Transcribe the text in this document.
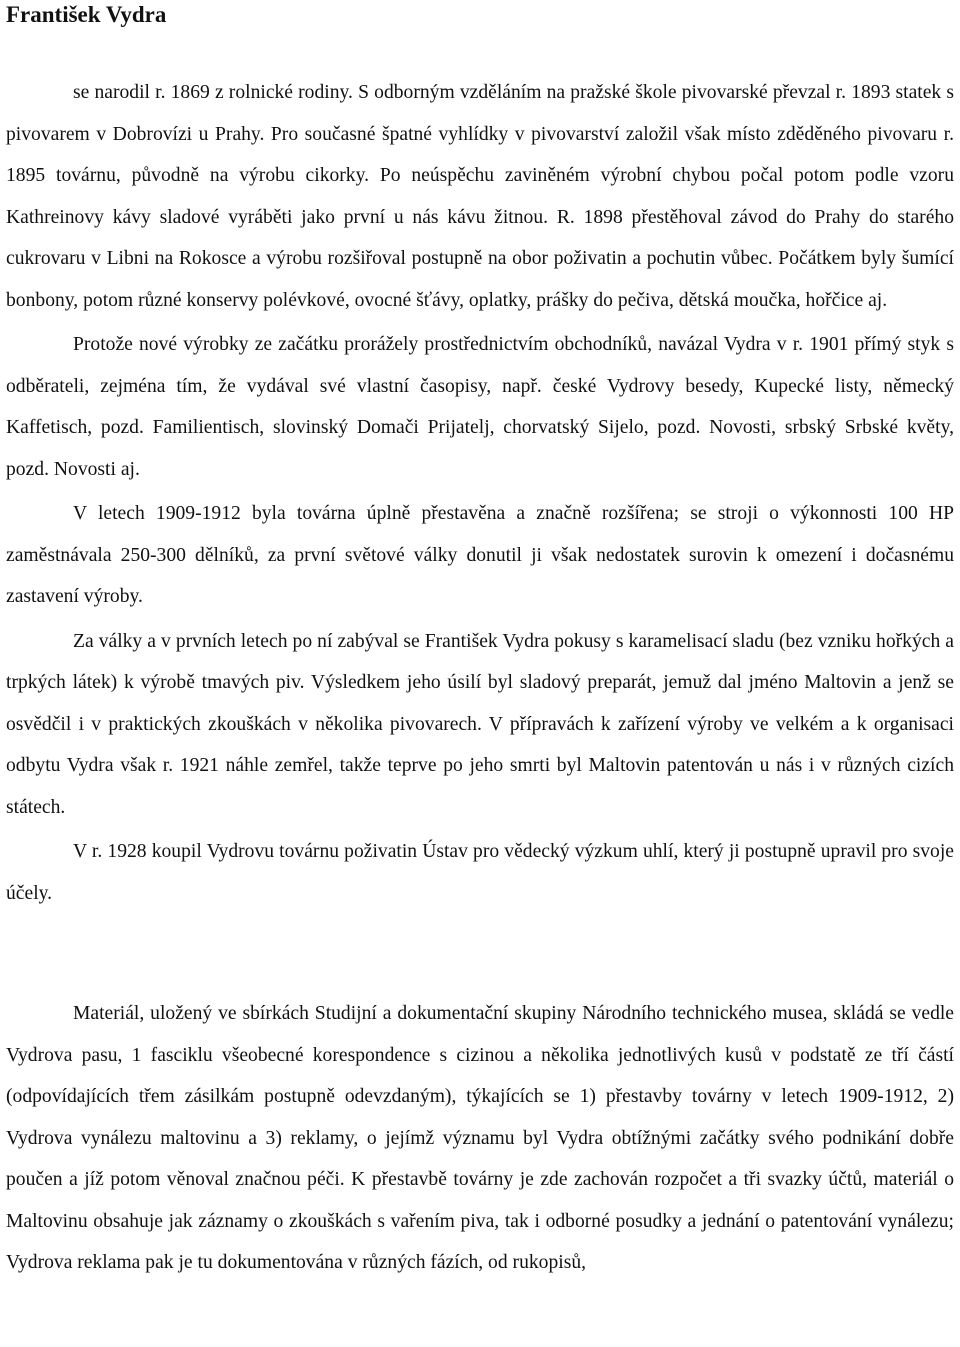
František Vydra

se narodil r. 1869 z rolnické rodiny. S odborným vzděláním na pražské škole pivovarské převzal r. 1893 statek s pivovarem v Dobrovízi u Prahy. Pro současné špatné vyhlídky v pivovarství založil však místo zděděného pivovaru r. 1895 továrnu, původně na výrobu cikorky. Po neúspěchu zaviněném výrobní chybou počal potom podle vzoru Kathreinovy kávy sladové vyráběti jako první u nás kávu žitnou. R. 1898 přestěhoval závod do Prahy do starého cukrovaru v Libni na Rokosce a výrobu rozšiřoval postupně na obor poživatin a pochutin vůbec. Počátkem byly šumící bonbony, potom různé konservy polévkové, ovocné šťávy, oplatky, prášky do pečiva, dětská moučka, hořčice aj.

Protože nové výrobky ze začátku prorážely prostřednictvím obchodníků, navázal Vydra v r. 1901 přímý styk s odběrateli, zejména tím, že vydával své vlastní časopisy, např. české Vydrovy besedy, Kupecké listy, německý Kaffetisch, pozd. Familientisch, slovinský Domači Prijatelj, chorvatský Sijelo, pozd. Novosti, srbský Srbské květy, pozd. Novosti aj.

V letech 1909-1912 byla továrna úplně přestavěna a značně rozšířena; se stroji o výkonnosti 100 HP zaměstnávala 250-300 dělníků, za první světové války donutil ji však nedostatek surovin k omezení i dočasnému zastavení výroby.

Za války a v prvních letech po ní zabýval se František Vydra pokusy s karamelisací sladu (bez vzniku hořkých a trpkých látek) k výrobě tmavých piv. Výsledkem jeho úsilí byl sladový preparát, jemuž dal jméno Maltovin a jenž se osvědčil i v praktických zkouškách v několika pivovarech. V přípravách k zařízení výroby ve velkém a k organisaci odbytu Vydra však r. 1921 náhle zemřel, takže teprve po jeho smrti byl Maltovin patentován u nás i v různých cizích státech.

V r. 1928 koupil Vydrovu továrnu poživatin Ústav pro vědecký výzkum uhlí, který ji postupně upravil pro svoje účely.

Materiál, uložený ve sbírkách Studijní a dokumentační skupiny Národního technického musea, skládá se vedle Vydrova pasu, 1 fasciklu všeobecné korespondence s cizinou a několika jednotlivých kusů v podstatě ze tří částí (odpovídajících třem zásilkám postupně odevzdaným), týkajících se 1) přestavby továrny v letech 1909-1912, 2) Vydrova vynálezu maltovinu a 3) reklamy, o jejímž významu byl Vydra obtížnými začátky svého podnikání dobře poučen a jíž potom věnoval značnou péči. K přestavbě továrny je zde zachován rozpočet a tři svazky účtů, materiál o Maltovinu obsahuje jak záznamy o zkouškách s vařením piva, tak i odborné posudky a jednání o patentování vynálezu; Vydrova reklama pak je tu dokumentována v různých fázích, od rukopisů,
